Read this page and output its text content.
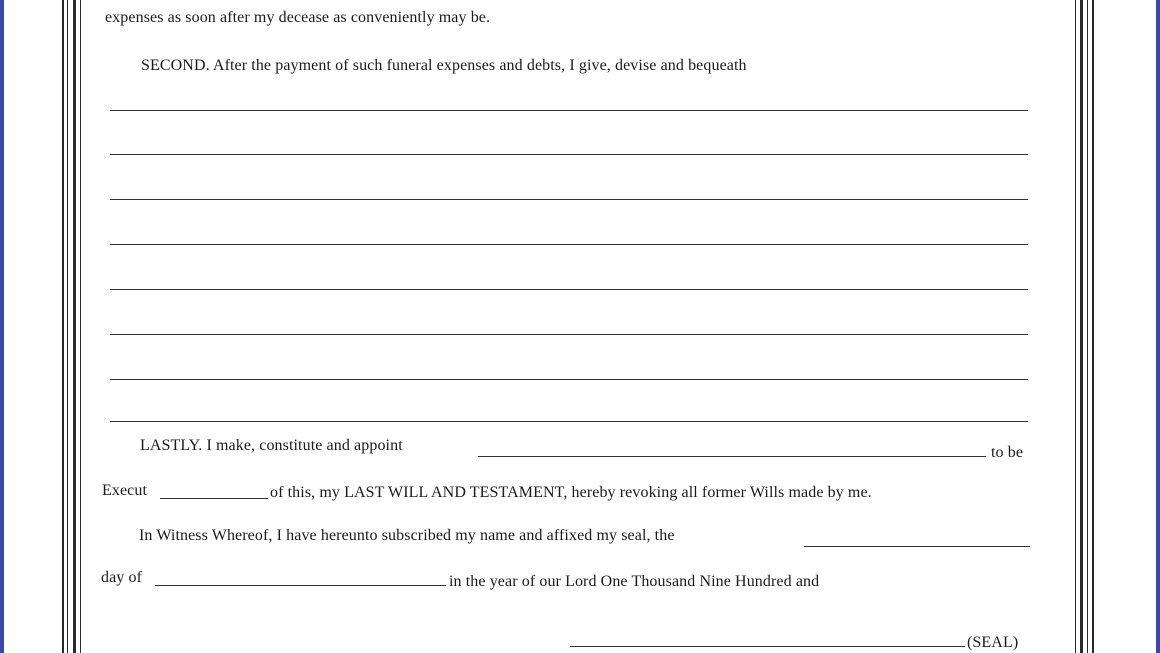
expenses as soon after my decease as conveniently may be.
SECOND. After the payment of such funeral expenses and debts, I give, devise and bequeath
LASTLY. I make, constitute and appoint	to be
Execut	of this, my LAST WILL AND TESTAMENT, hereby revoking all former Wills made by me.
In Witness Whereof, I have hereunto subscribed my name and affixed my seal, the
day of	in the year of our Lord One Thousand Nine Hundred and
(SEAL)
